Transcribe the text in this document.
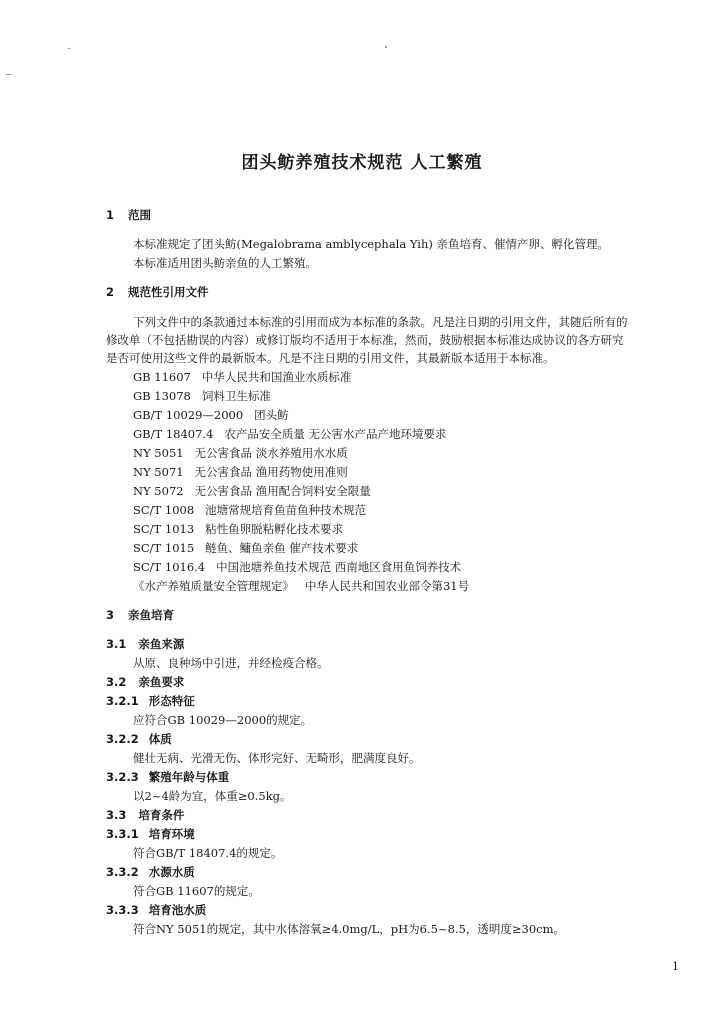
团头鲂养殖技术规范 人工繁殖
1 范围
本标准规定了团头鲂(Megalobrama amblycephala Yih) 亲鱼培育、催情产卵、孵化管理。
本标准适用团头鲂亲鱼的人工繁殖。
2 规范性引用文件
下列文件中的条款通过本标准的引用而成为本标准的条款。凡是注日期的引用文件，其随后所有的
修改单（不包括勘误的内容）或修订版均不适用于本标准，然而，鼓励根据本标准达成协议的各方研究
是否可使用这些文件的最新版本。凡是不注日期的引用文件，其最新版本适用于本标准。
GB 11607 中华人民共和国渔业水质标准
GB 13078 饲料卫生标准
GB/T 10029—2000 团头鲂
GB/T 18407.4 农产品安全质量 无公害水产品产地环境要求
NY 5051 无公害食品 淡水养殖用水水质
NY 5071 无公害食品 渔用药物使用准则
NY 5072 无公害食品 渔用配合饲料安全限量
SC/T 1008 池塘常规培育鱼苗鱼种技术规范
SC/T 1013 粘性鱼卵脱粘孵化技术要求
SC/T 1015 鲢鱼、鳙鱼亲鱼 催产技术要求
SC/T 1016.4 中国池塘养鱼技术规范 西南地区食用鱼饲养技术
《水产养殖质量安全管理规定》 中华人民共和国农业部令第31号
3 亲鱼培育
3.1 亲鱼来源
从原、良种场中引进，并经检疫合格。
3.2 亲鱼要求
3.2.1 形态特征
应符合GB 10029—2000的规定。
3.2.2 体质
健壮无病、光滑无伤、体形完好、无畸形，肥满度良好。
3.2.3 繁殖年龄与体重
以2~4龄为宜，体重≥0.5kg。
3.3 培育条件
3.3.1 培育环境
符合GB/T 18407.4的规定。
3.3.2 水源水质
符合GB 11607的规定。
3.3.3 培育池水质
符合NY 5051的规定，其中水体溶氧≥4.0mg/L，pH为6.5~8.5，透明度≥30cm。
1
